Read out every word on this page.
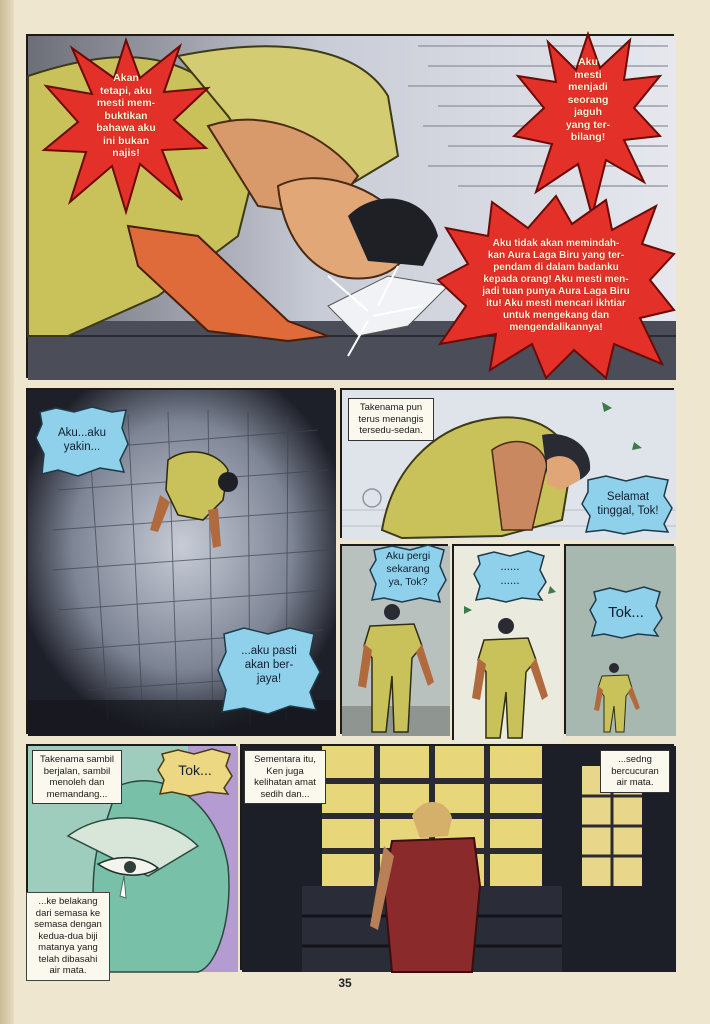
Akan
tetapi, aku
mesti mem-
buktikan
bahawa aku
ini bukan
najis!
Aku
mesti
menjadi
seorang
jaguh
yang ter-
bilang!
Aku tidak akan memindah-
kan Aura Laga Biru yang ter-
pendam di dalam badanku
kepada orang! Aku mesti men-
jadi tuan punya Aura Laga Biru
itu! Aku mesti mencari ikhtiar
untuk mengekang dan
mengendalikannya!
Aku...aku
yakin...
...aku pasti
akan ber-
jaya!
Takenama pun
terus menangis
tersedu-sedan.
Selamat
tinggal, Tok!
Aku pergi
sekarang
ya, Tok?
......
......
Tok...
Takenama sambil
berjalan, sambil
menoleh dan
memandang...
Tok...
...ke belakang
dari semasa ke
semasa dengan
kedua-dua biji
matanya yang
telah dibasahi
air mata.
Sementara itu,
Ken juga
kelihatan amat
sedih dan...
...sedng
bercucuran
air mata.
35
